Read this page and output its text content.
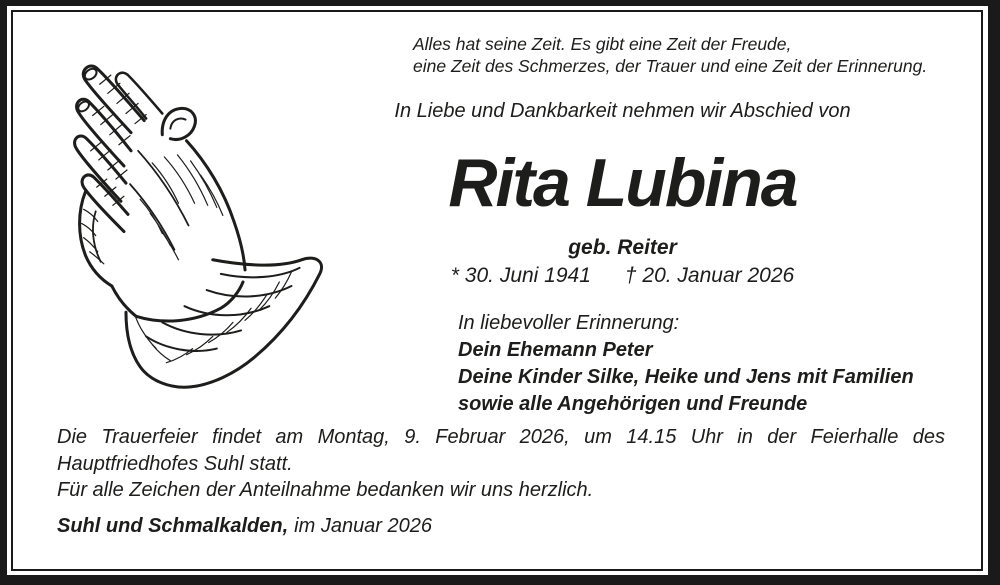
Alles hat seine Zeit. Es gibt eine Zeit der Freude,
eine Zeit des Schmerzes, der Trauer und eine Zeit der Erinnerung.
In Liebe und Dankbarkeit nehmen wir Abschied von
Rita Lubina
geb. Reiter
* 30. Juni 1941 † 20. Januar 2026
In liebevoller Erinnerung:
Dein Ehemann Peter
Deine Kinder Silke, Heike und Jens mit Familien
sowie alle Angehörigen und Freunde
Die Trauerfeier findet am Montag, 9. Februar 2026, um 14.15 Uhr in der Feierhalle des
Hauptfriedhofes Suhl statt.
Für alle Zeichen der Anteilnahme bedanken wir uns herzlich.
Suhl und Schmalkalden, im Januar 2026
